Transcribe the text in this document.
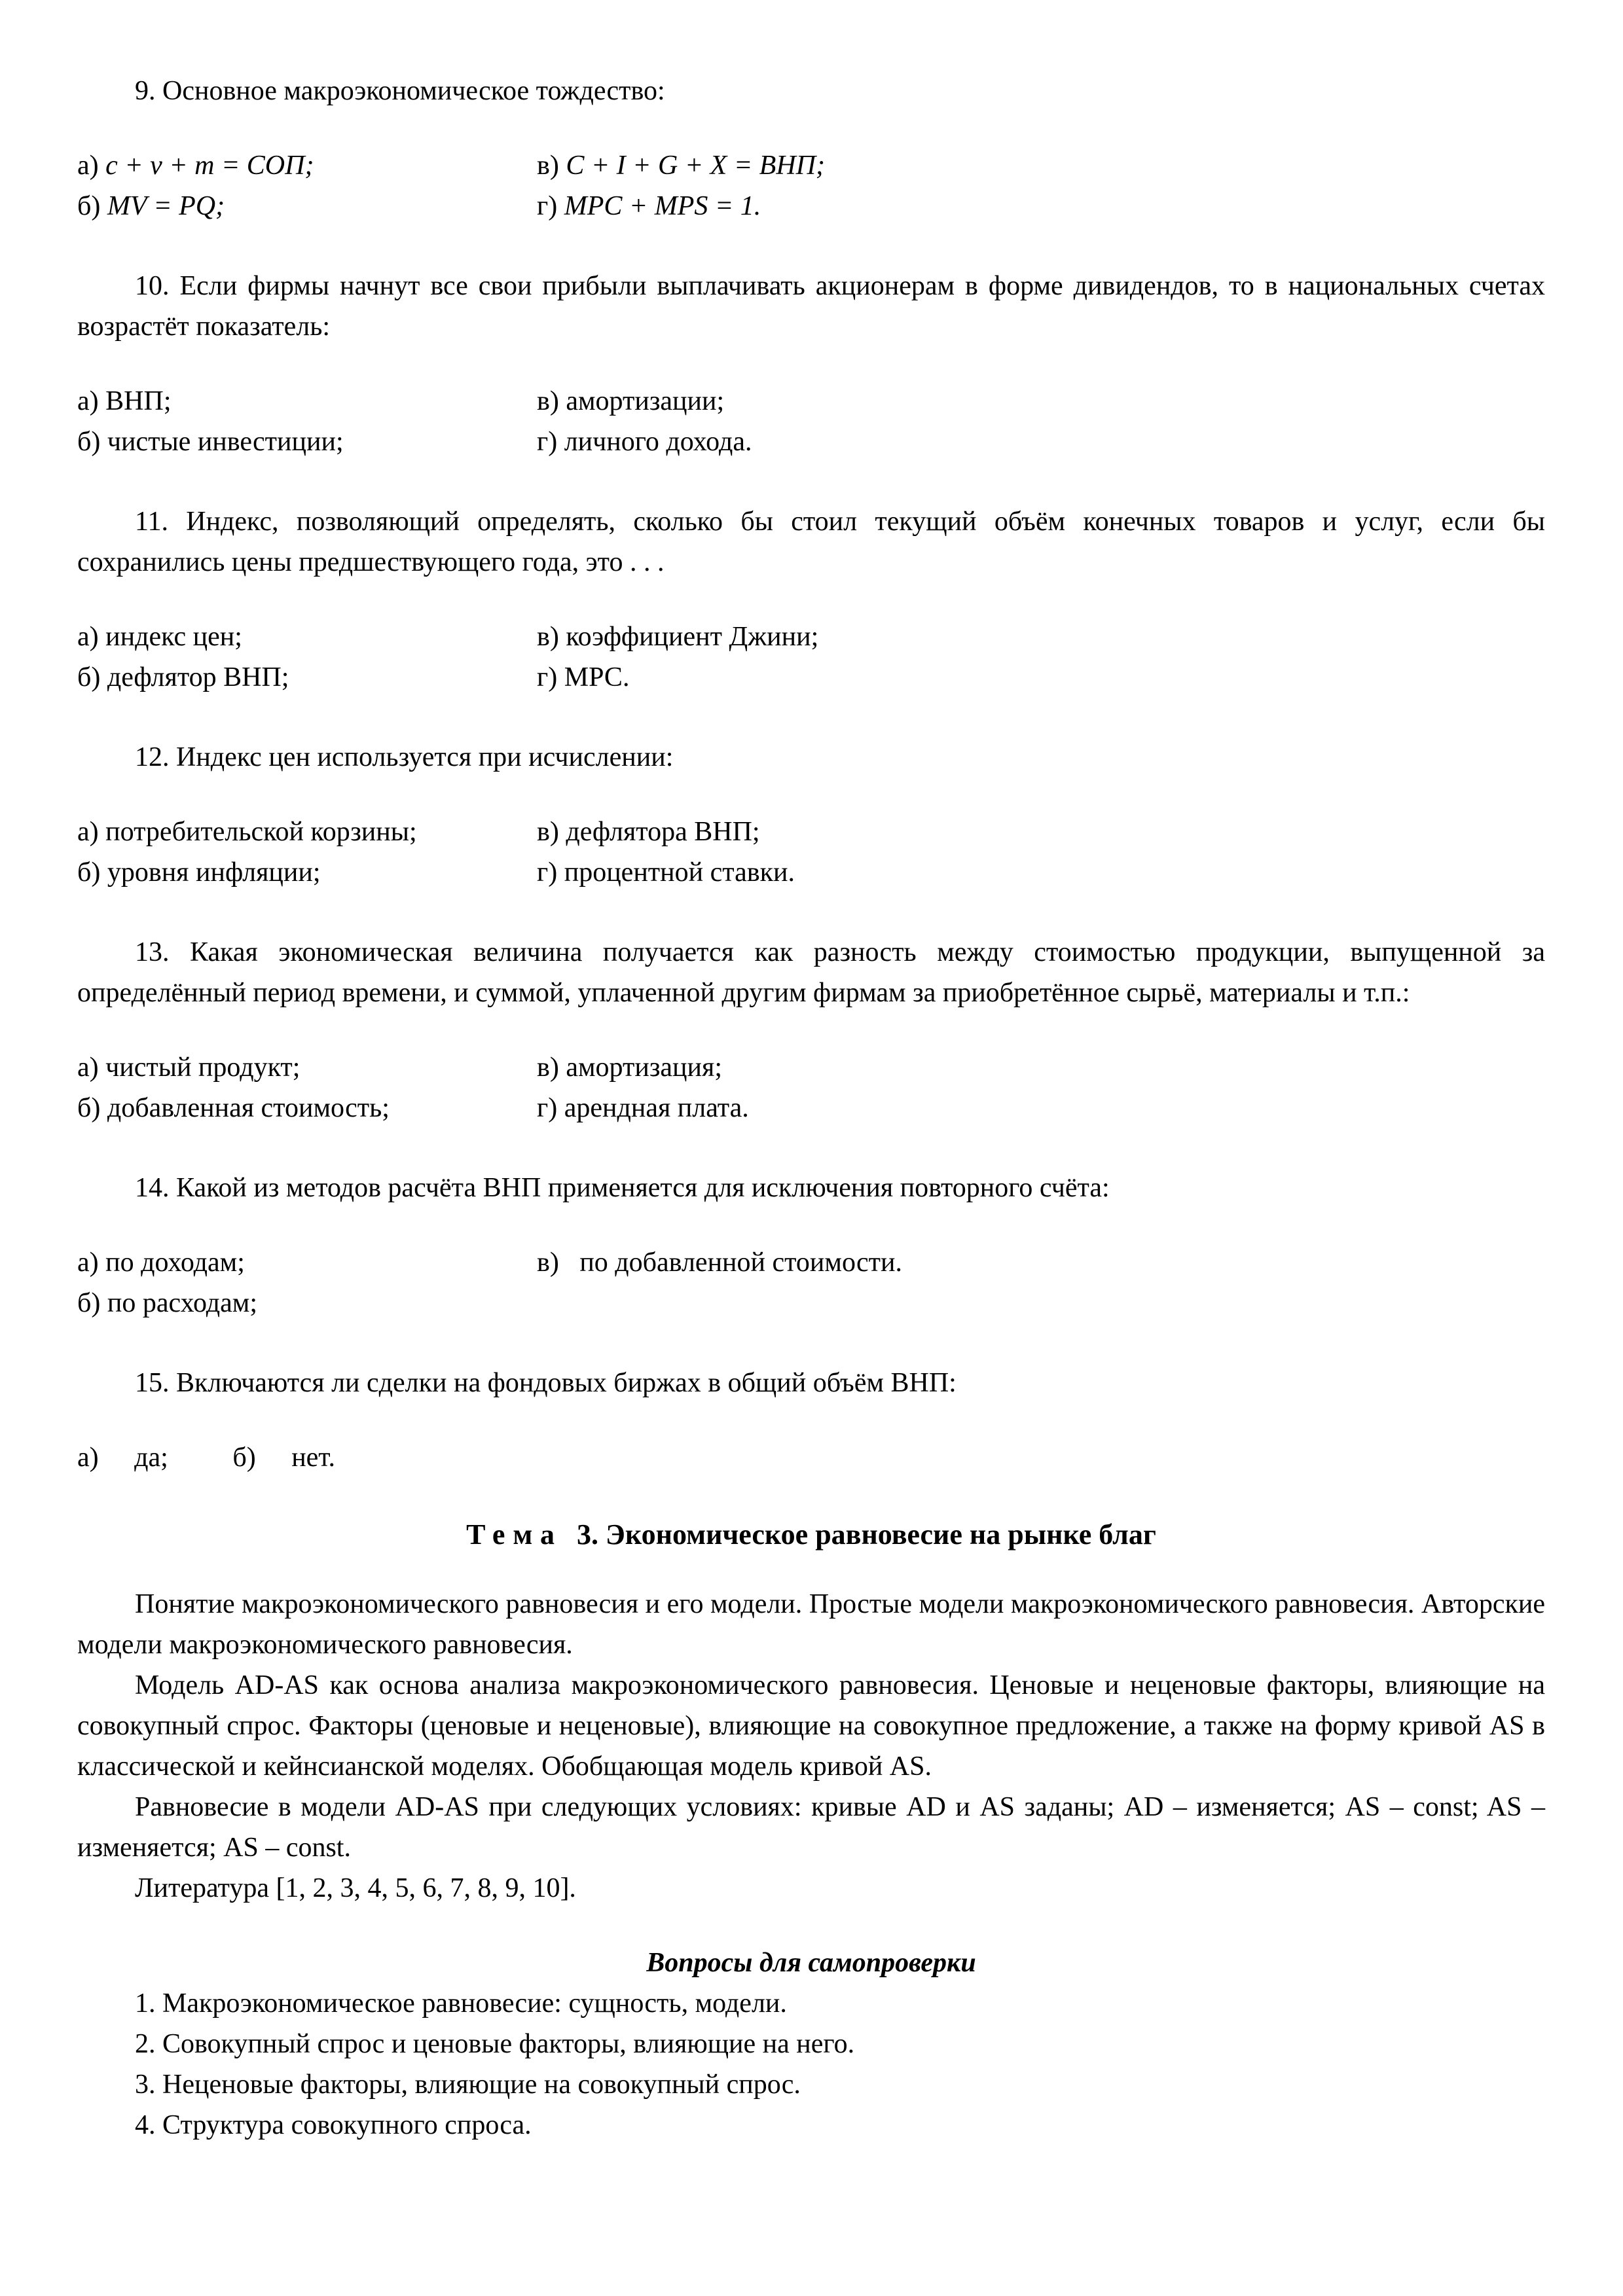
9. Основное макроэкономическое тождество:

а) c + v + m = СОП;	в) C + I + G + X = ВНП;
б) MV = PQ;	г) MPC + MPS = 1.

10. Если фирмы начнут все свои прибыли выплачивать акционерам в форме дивидендов, то в национальных счетах возрастёт показатель:

а) ВНП;	в) амортизации;
б) чистые инвестиции;	г) личного дохода.

11. Индекс, позволяющий определять, сколько бы стоил текущий объём конечных товаров и услуг, если бы сохранились цены предшествующего года, это . . .

а) индекс цен;	в) коэффициент Джини;
б) дефлятор ВНП;	г) МРС.

12. Индекс цен используется при исчислении:

а) потребительской корзины;	в) дефлятора ВНП;
б) уровня инфляции;	г) процентной ставки.

13. Какая экономическая величина получается как разность между стоимостью продукции, выпущенной за определённый период времени, и суммой, уплаченной другим фирмам за приобретённое сырьё, материалы и т.п.:

а) чистый продукт;	в) амортизация;
б) добавленная стоимость;	г) арендная плата.

14. Какой из методов расчёта ВНП применяется для исключения повторного счёта:

а) по доходам;	в) по добавленной стоимости.
б) по расходам;

15. Включаются ли сделки на фондовых биржах в общий объём ВНП:

а) да; б) нет.
Тема 3. Экономическое равновесие на рынке благ

Понятие макроэкономического равновесия и его модели. Простые модели макроэкономического равновесия. Авторские модели макроэкономического равновесия.

Модель AD-AS как основа анализа макроэкономического равновесия. Ценовые и неценовые факторы, влияющие на совокупный спрос. Факторы (ценовые и неценовые), влияющие на совокупное предложение, а также на форму кривой AS в классической и кейнсианской моделях. Обобщающая модель кривой AS.

Равновесие в модели AD-AS при следующих условиях: кривые AD и AS заданы; AD – изменяется; AS – const; AS – изменяется; AS – const.

Литература [1, 2, 3, 4, 5, 6, 7, 8, 9, 10].

Вопросы для самопроверки
1. Макроэкономическое равновесие: сущность, модели.
2. Совокупный спрос и ценовые факторы, влияющие на него.
3. Неценовые факторы, влияющие на совокупный спрос.
4. Структура совокупного спроса.
